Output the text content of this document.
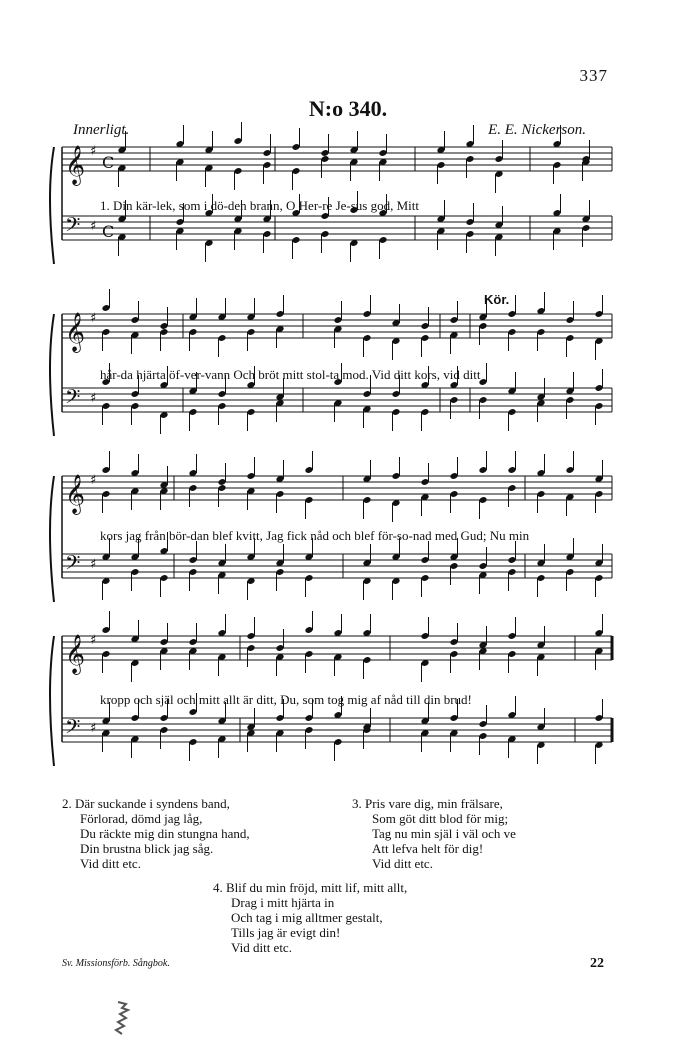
337
N:o 340.
Innerligt.	E. E. Nickerson.
Kör.
𝄞 ♯
C
𝄢 ♯ C
𝄞 ♯
𝄢 ♯
𝄞 ♯
𝄢 ♯
𝄞 ♯
𝄢 ♯
1. Din kär-lek, som i dö-den brann, O Her-re Je-sus god, Mitt
hår-da hjärta öf-ver-vann Och bröt mitt stol-ta mod. Vid ditt kors, vid ditt
kors jag från bör-dan blef kvitt, Jag fick nåd och blef för-so-nad med Gud; Nu min
kropp och själ och mitt allt är ditt, Du, som tog mig af nåd till din brud!
2. Där suckande i syndens band,
Förlorad, dömd jag låg,
Du räckte mig din stungna hand,
Din brustna blick jag såg.
Vid ditt etc.
3. Pris vare dig, min frälsare,
Som göt ditt blod för mig;
Tag nu min själ i väl och ve
Att lefva helt för dig!
Vid ditt etc.
4. Blif du min fröjd, mitt lif, mitt allt,
Drag i mitt hjärta in
Och tag i mig alltmer gestalt,
Tills jag är evigt din!
Vid ditt etc.
Sv. Missionsförb. Sångbok.	22
